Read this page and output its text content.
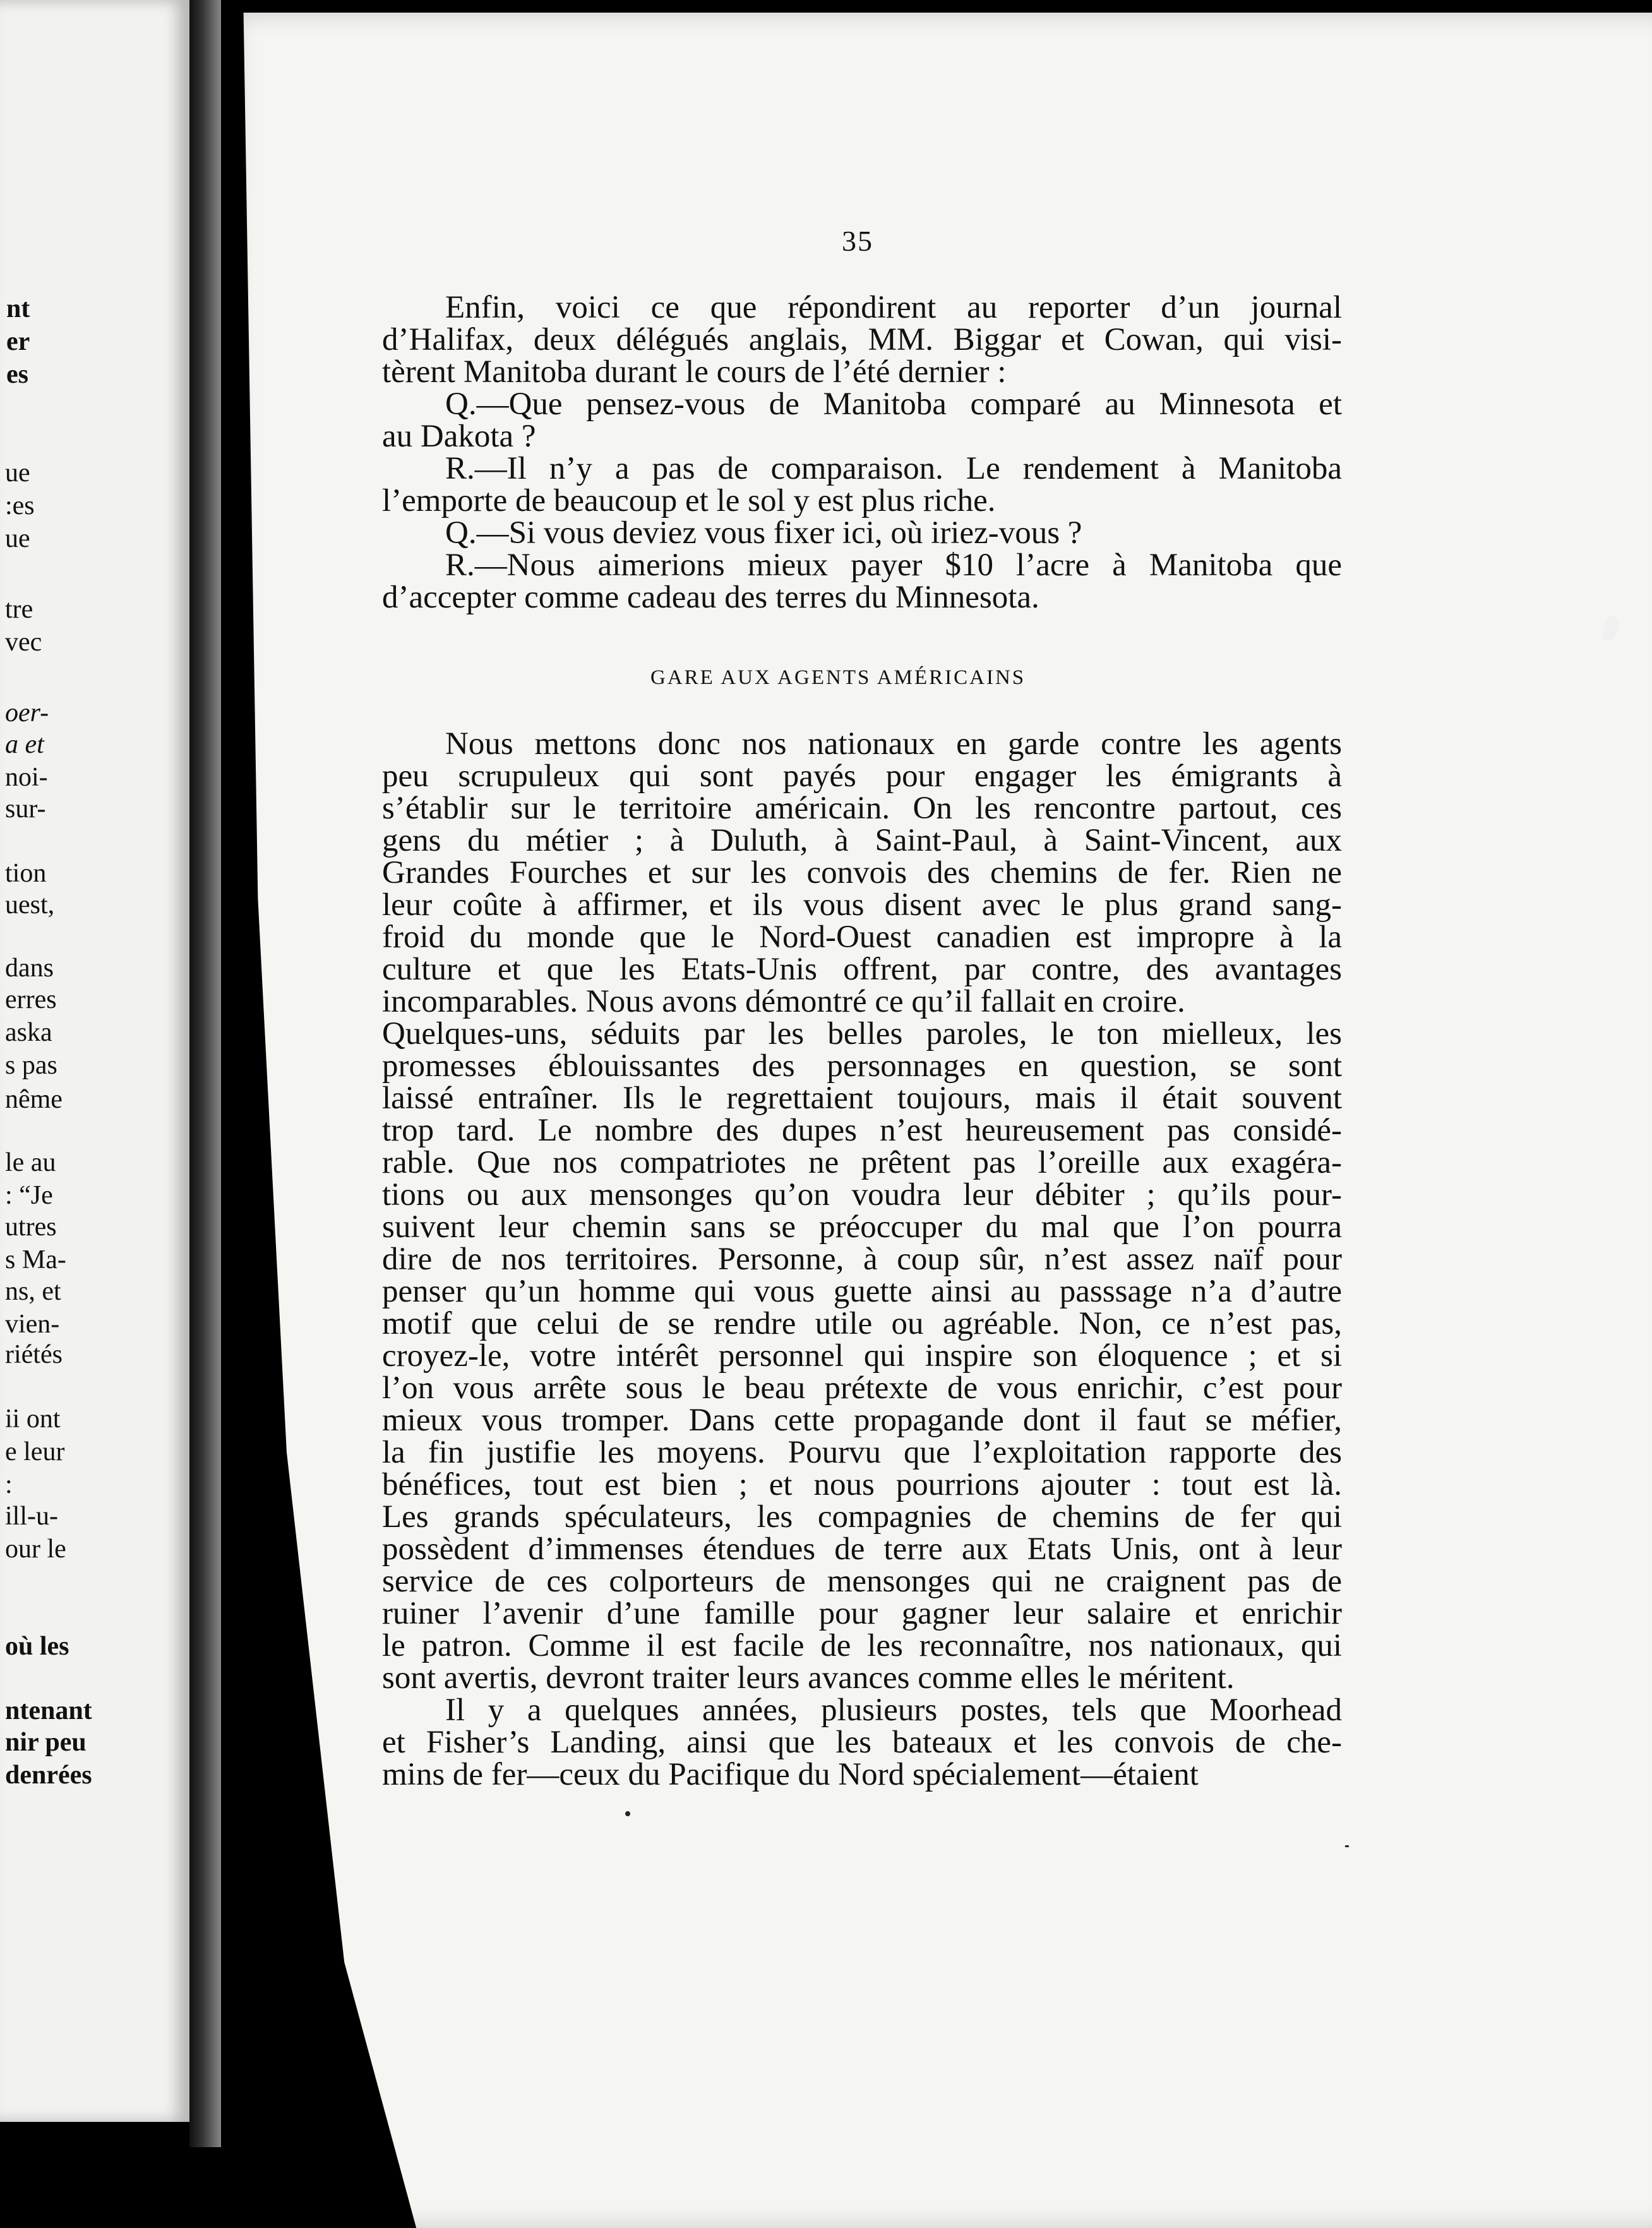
nt
er
es
ue
:es
ue
tre
vec
oer-
a et
noi-
sur-
tion
uest,
dans
erres
aska
s pas
nême
le au
: “Je
utres
s Ma-
ns, et
vien-
riétés
ii ont
e leur
:
ill-u-
our le
où les
ntenant
nir peu
denrées
35
Enfin, voici ce que répondirent au reporter d’un journal
d’Halifax, deux délégués anglais, MM. Biggar et Cowan, qui visi-
tèrent Manitoba durant le cours de l’été dernier :
Q.—Que pensez-vous de Manitoba comparé au Minnesota et
au Dakota ?
R.—Il n’y a pas de comparaison. Le rendement à Manitoba
l’emporte de beaucoup et le sol y est plus riche.
Q.—Si vous deviez vous fixer ici, où iriez-vous ?
R.—Nous aimerions mieux payer $10 l’acre à Manitoba que
d’accepter comme cadeau des terres du Minnesota.
GARE AUX AGENTS AMÉRICAINS
Nous mettons donc nos nationaux en garde contre les agents
peu scrupuleux qui sont payés pour engager les émigrants à
s’établir sur le territoire américain. On les rencontre partout, ces
gens du métier ; à Duluth, à Saint-Paul, à Saint-Vincent, aux
Grandes Fourches et sur les convois des chemins de fer. Rien ne
leur coûte à affirmer, et ils vous disent avec le plus grand sang-
froid du monde que le Nord-Ouest canadien est impropre à la
culture et que les Etats-Unis offrent, par contre, des avantages
incomparables. Nous avons démontré ce qu’il fallait en croire.
Quelques-uns, séduits par les belles paroles, le ton mielleux, les
promesses éblouissantes des personnages en question, se sont
laissé entraîner. Ils le regrettaient toujours, mais il était souvent
trop tard. Le nombre des dupes n’est heureusement pas considé-
rable. Que nos compatriotes ne prêtent pas l’oreille aux exagéra-
tions ou aux mensonges qu’on voudra leur débiter ; qu’ils pour-
suivent leur chemin sans se préoccuper du mal que l’on pourra
dire de nos territoires. Personne, à coup sûr, n’est assez naïf pour
penser qu’un homme qui vous guette ainsi au passsage n’a d’autre
motif que celui de se rendre utile ou agréable. Non, ce n’est pas,
croyez-le, votre intérêt personnel qui inspire son éloquence ; et si
l’on vous arrête sous le beau prétexte de vous enrichir, c’est pour
mieux vous tromper. Dans cette propagande dont il faut se méfier,
la fin justifie les moyens. Pourvu que l’exploitation rapporte des
bénéfices, tout est bien ; et nous pourrions ajouter : tout est là.
Les grands spéculateurs, les compagnies de chemins de fer qui
possèdent d’immenses étendues de terre aux Etats Unis, ont à leur
service de ces colporteurs de mensonges qui ne craignent pas de
ruiner l’avenir d’une famille pour gagner leur salaire et enrichir
le patron. Comme il est facile de les reconnaître, nos nationaux, qui
sont avertis, devront traiter leurs avances comme elles le méritent.
Il y a quelques années, plusieurs postes, tels que Moorhead
et Fisher’s Landing, ainsi que les bateaux et les convois de che-
mins de fer—ceux du Pacifique du Nord spécialement—étaient
